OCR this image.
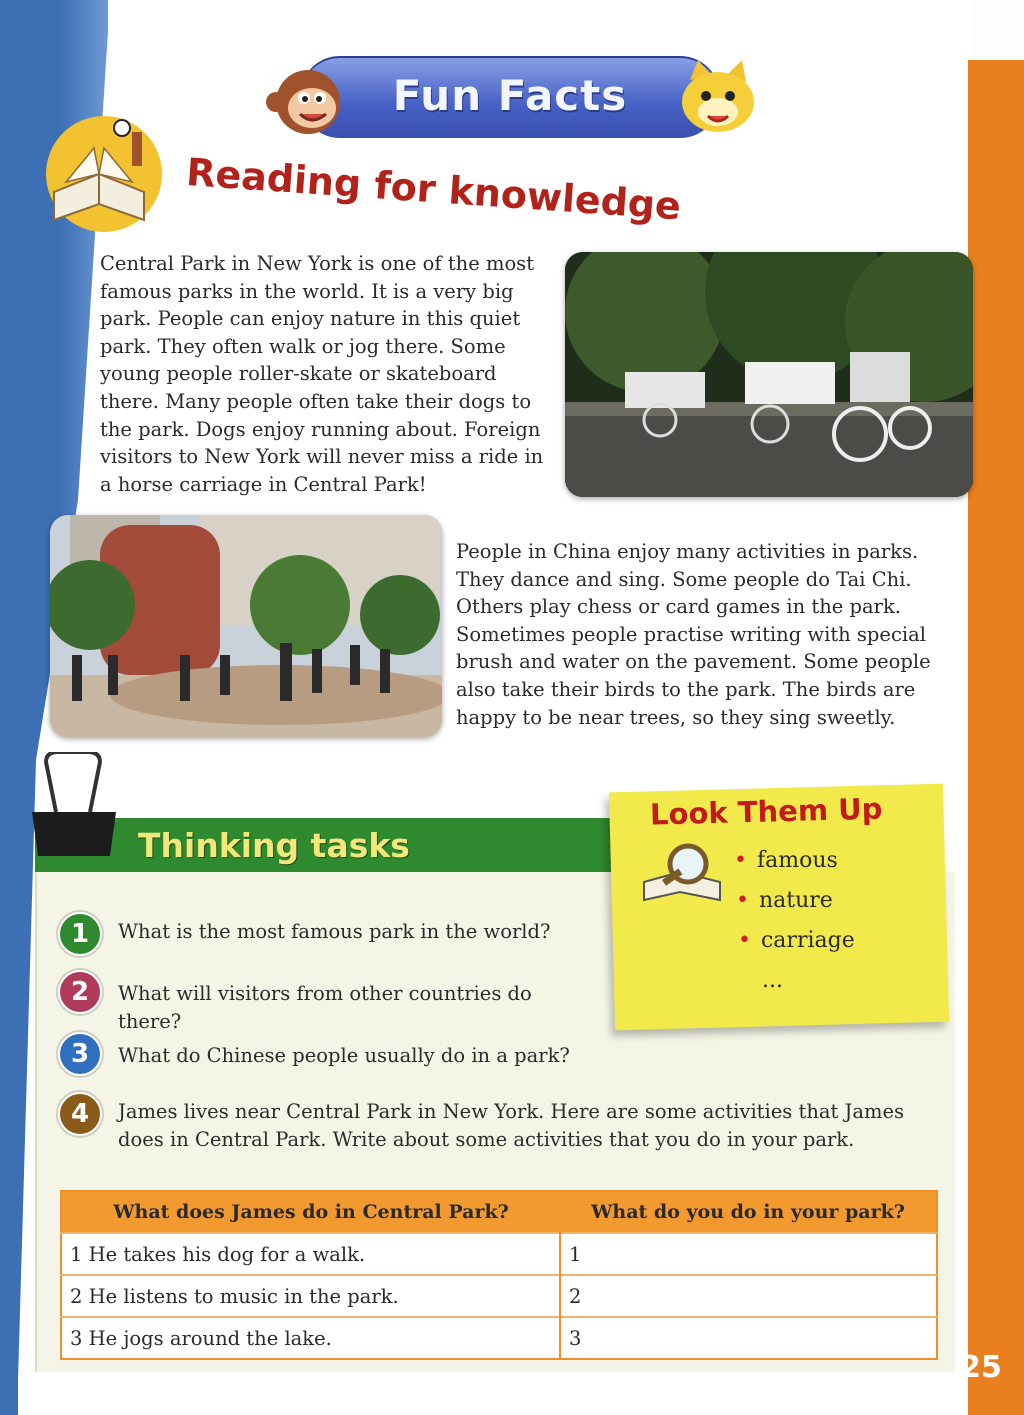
25
Fun Facts
Reading for knowledge
Central Park in New York is one of the most famous parks in the world. It is a very big park. People can enjoy nature in this quiet park. They often walk or jog there. Some young people roller-skate or skateboard there. Many people often take their dogs to the park. Dogs enjoy running about. Foreign visitors to New York will never miss a ride in a horse carriage in Central Park!
People in China enjoy many activities in parks. They dance and sing. Some people do Tai Chi. Others play chess or card games in the park. Sometimes people practise writing with special brush and water on the pavement. Some people also take their birds to the park. The birds are happy to be near trees, so they sing sweetly.
Thinking tasks
Look Them Up
• famous
• nature
• carriage
...
1	What is the most famous park in the world?
2	What will visitors from other countries do there?
3	What do Chinese people usually do in a park?
4	James lives near Central Park in New York. Here are some activities that James does in Central Park. Write about some activities that you do in your park.
What does James do in Central Park?	What do you do in your park?
1 He takes his dog for a walk.	1
2 He listens to music in the park.	2
3 He jogs around the lake.	3
